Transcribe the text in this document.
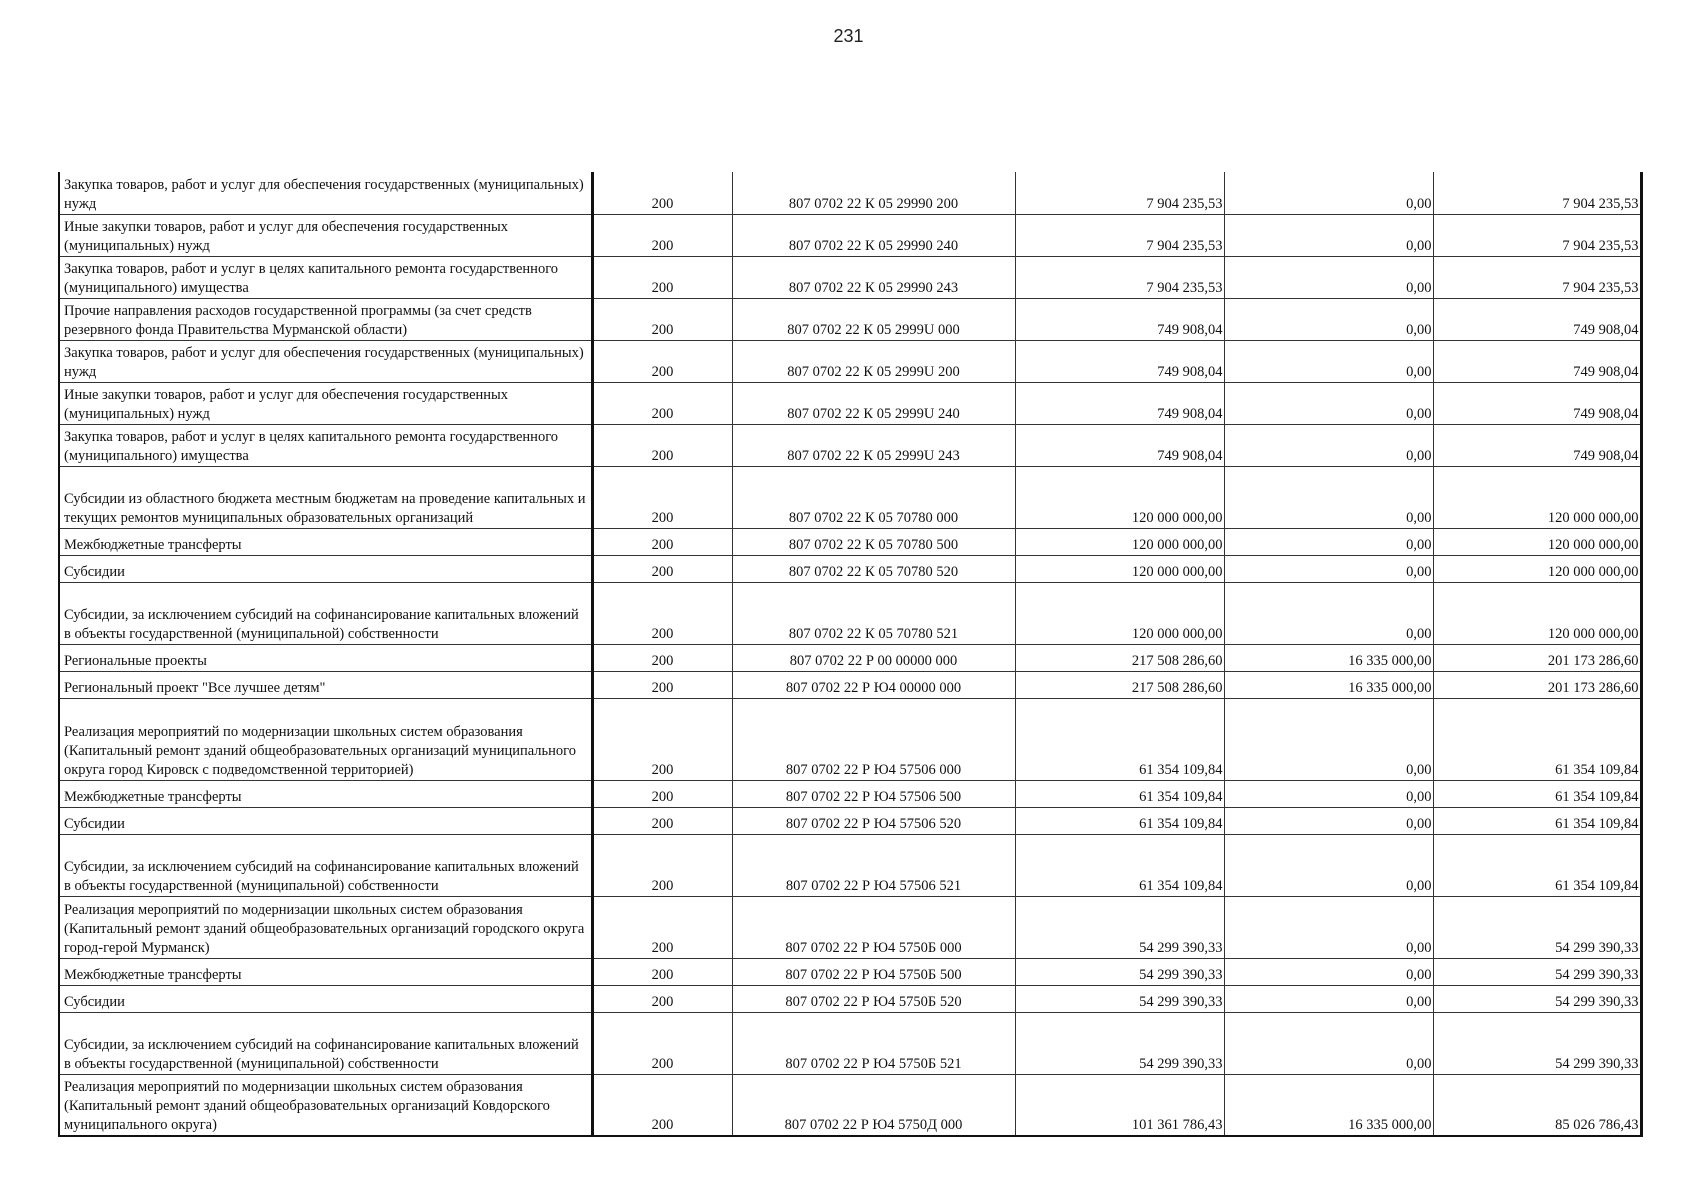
231
Закупка товаров, работ и услуг для обеспечения государственных (муниципальных) нужд	200	807 0702 22 К 05 29990 200	7 904 235,53	0,00	7 904 235,53
Иные закупки товаров, работ и услуг для обеспечения государственных (муниципальных) нужд	200	807 0702 22 К 05 29990 240	7 904 235,53	0,00	7 904 235,53
Закупка товаров, работ и услуг в целях капитального ремонта государственного (муниципального) имущества	200	807 0702 22 К 05 29990 243	7 904 235,53	0,00	7 904 235,53
Прочие направления расходов государственной программы (за счет средств резервного фонда Правительства Мурманской области)	200	807 0702 22 К 05 2999U 000	749 908,04	0,00	749 908,04
Закупка товаров, работ и услуг для обеспечения государственных (муниципальных) нужд	200	807 0702 22 К 05 2999U 200	749 908,04	0,00	749 908,04
Иные закупки товаров, работ и услуг для обеспечения государственных (муниципальных) нужд	200	807 0702 22 К 05 2999U 240	749 908,04	0,00	749 908,04
Закупка товаров, работ и услуг в целях капитального ремонта государственного (муниципального) имущества	200	807 0702 22 К 05 2999U 243	749 908,04	0,00	749 908,04
Субсидии из областного бюджета местным бюджетам на проведение капитальных и текущих ремонтов муниципальных образовательных организаций	200	807 0702 22 К 05 70780 000	120 000 000,00	0,00	120 000 000,00
Межбюджетные трансферты	200	807 0702 22 К 05 70780 500	120 000 000,00	0,00	120 000 000,00
Субсидии	200	807 0702 22 К 05 70780 520	120 000 000,00	0,00	120 000 000,00
Субсидии, за исключением субсидий на софинансирование капитальных вложений в объекты государственной (муниципальной) собственности	200	807 0702 22 К 05 70780 521	120 000 000,00	0,00	120 000 000,00
Региональные проекты	200	807 0702 22 Р 00 00000 000	217 508 286,60	16 335 000,00	201 173 286,60
Региональный проект "Все лучшее детям"	200	807 0702 22 Р Ю4 00000 000	217 508 286,60	16 335 000,00	201 173 286,60
Реализация мероприятий по модернизации школьных систем образования (Капитальный ремонт зданий общеобразовательных организаций муниципального округа город Кировск с подведомственной территорией)	200	807 0702 22 Р Ю4 57506 000	61 354 109,84	0,00	61 354 109,84
Межбюджетные трансферты	200	807 0702 22 Р Ю4 57506 500	61 354 109,84	0,00	61 354 109,84
Субсидии	200	807 0702 22 Р Ю4 57506 520	61 354 109,84	0,00	61 354 109,84
Субсидии, за исключением субсидий на софинансирование капитальных вложений в объекты государственной (муниципальной) собственности	200	807 0702 22 Р Ю4 57506 521	61 354 109,84	0,00	61 354 109,84
Реализация мероприятий по модернизации школьных систем образования (Капитальный ремонт зданий общеобразовательных организаций городского округа город-герой Мурманск)	200	807 0702 22 Р Ю4 5750Б 000	54 299 390,33	0,00	54 299 390,33
Межбюджетные трансферты	200	807 0702 22 Р Ю4 5750Б 500	54 299 390,33	0,00	54 299 390,33
Субсидии	200	807 0702 22 Р Ю4 5750Б 520	54 299 390,33	0,00	54 299 390,33
Субсидии, за исключением субсидий на софинансирование капитальных вложений в объекты государственной (муниципальной) собственности	200	807 0702 22 Р Ю4 5750Б 521	54 299 390,33	0,00	54 299 390,33
Реализация мероприятий по модернизации школьных систем образования (Капитальный ремонт зданий общеобразовательных организаций Ковдорского муниципального округа)	200	807 0702 22 Р Ю4 5750Д 000	101 361 786,43	16 335 000,00	85 026 786,43
